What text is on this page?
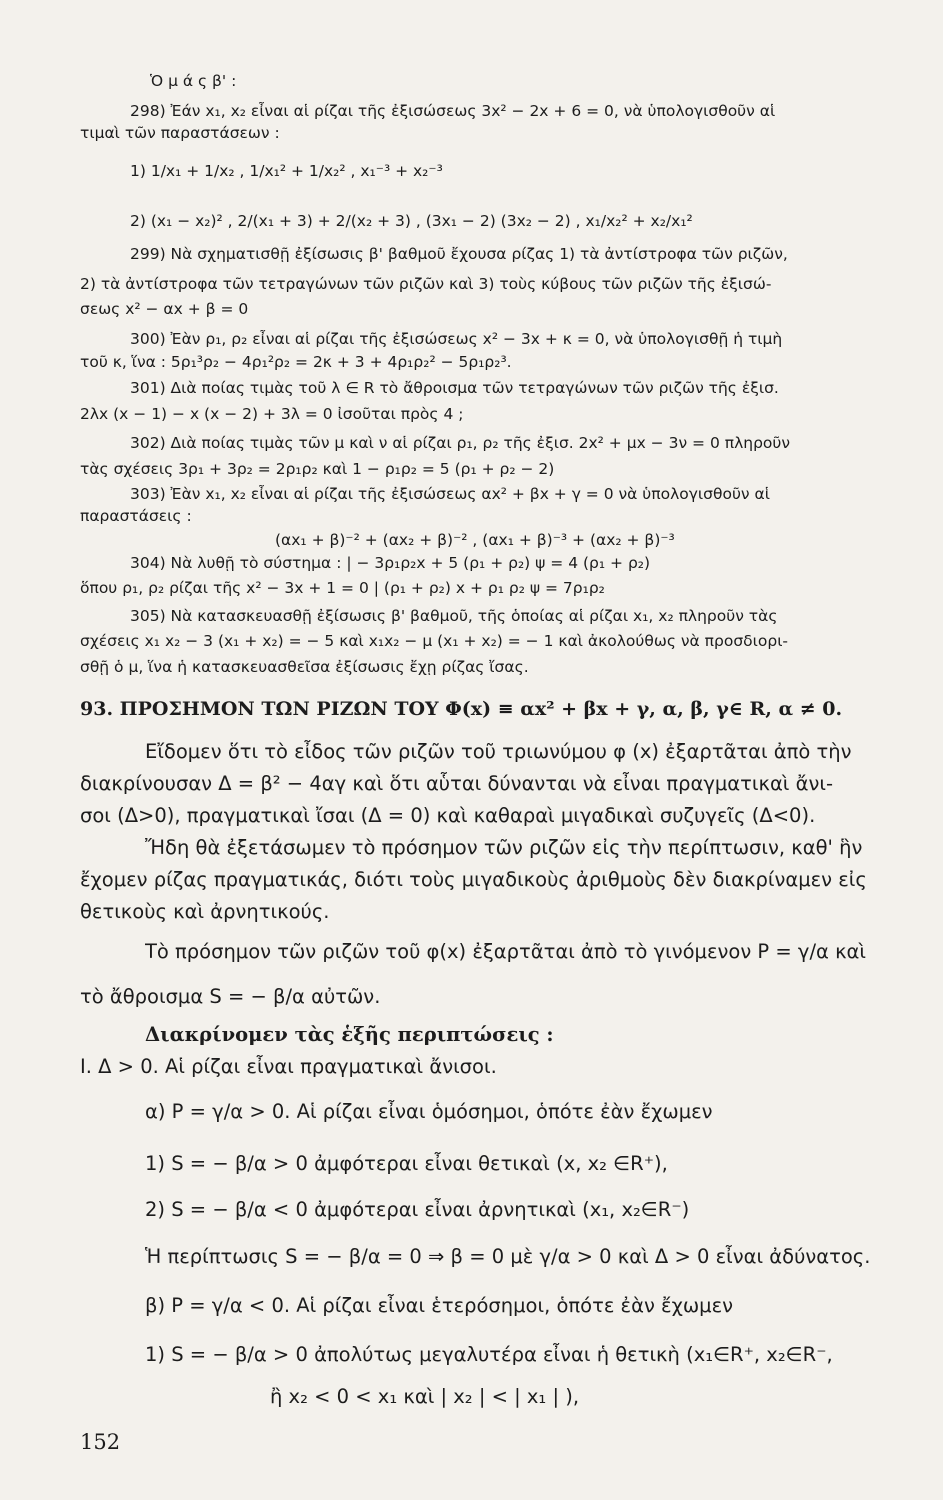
Ὁ μ ά ς β' :
298) Ἐάν x₁, x₂ εἶναι αἱ ρίζαι τῆς ἐξισώσεως 3x² − 2x + 6 = 0, νὰ ὑπολογισθοῦν αἱ
τιμαὶ τῶν παραστάσεων :
1) 1/x₁ + 1/x₂ , 1/x₁² + 1/x₂² , x₁⁻³ + x₂⁻³
2) (x₁ − x₂)² , 2/(x₁ + 3) + 2/(x₂ + 3) , (3x₁ − 2) (3x₂ − 2) , x₁/x₂² + x₂/x₁²
299) Νὰ σχηματισθῇ ἐξίσωσις β' βαθμοῦ ἔχουσα ρίζας 1) τὰ ἀντίστροφα τῶν ριζῶν,
2) τὰ ἀντίστροφα τῶν τετραγώνων τῶν ριζῶν καὶ 3) τοὺς κύβους τῶν ριζῶν τῆς ἐξισώ-
σεως x² − αx + β = 0
300) Ἐὰν ρ₁, ρ₂ εἶναι αἱ ρίζαι τῆς ἐξισώσεως x² − 3x + κ = 0, νὰ ὑπολογισθῇ ἡ τιμὴ
τοῦ κ, ἵνα : 5ρ₁³ρ₂ − 4ρ₁²ρ₂ = 2κ + 3 + 4ρ₁ρ₂² − 5ρ₁ρ₂³.
301) Διὰ ποίας τιμὰς τοῦ λ ∈ R τὸ ἄθροισμα τῶν τετραγώνων τῶν ριζῶν τῆς ἐξισ.
2λx (x − 1) − x (x − 2) + 3λ = 0 ἰσοῦται πρὸς 4 ;
302) Διὰ ποίας τιμὰς τῶν μ καὶ ν αἱ ρίζαι ρ₁, ρ₂ τῆς ἐξισ. 2x² + μx − 3ν = 0 πληροῦν
τὰς σχέσεις 3ρ₁ + 3ρ₂ = 2ρ₁ρ₂ καὶ 1 − ρ₁ρ₂ = 5 (ρ₁ + ρ₂ − 2)
303) Ἐὰν x₁, x₂ εἶναι αἱ ρίζαι τῆς ἐξισώσεως αx² + βx + γ = 0 νὰ ὑπολογισθοῦν αἱ
παραστάσεις :
(αx₁ + β)⁻² + (αx₂ + β)⁻² , (αx₁ + β)⁻³ + (αx₂ + β)⁻³
304) Νὰ λυθῇ τὸ σύστημα : | − 3ρ₁ρ₂x + 5 (ρ₁ + ρ₂) ψ = 4 (ρ₁ + ρ₂)
ὅπου ρ₁, ρ₂ ρίζαι τῆς x² − 3x + 1 = 0 | (ρ₁ + ρ₂) x + ρ₁ ρ₂ ψ = 7ρ₁ρ₂
305) Νὰ κατασκευασθῇ ἐξίσωσις β' βαθμοῦ, τῆς ὁποίας αἱ ρίζαι x₁, x₂ πληροῦν τὰς
σχέσεις x₁ x₂ − 3 (x₁ + x₂) = − 5 καὶ x₁x₂ − μ (x₁ + x₂) = − 1 καὶ ἀκολούθως νὰ προσδιορι-
σθῇ ὁ μ, ἵνα ἡ κατασκευασθεῖσα ἐξίσωσις ἔχῃ ρίζας ἴσας.
93. ΠΡΟΣΗΜΟΝ ΤΩΝ ΡΙΖΩΝ ΤΟΥ Φ(x) ≡ αx² + βx + γ, α, β, γ∈ R, α ≠ 0.
Εἴδομεν ὅτι τὸ εἶδος τῶν ριζῶν τοῦ τριωνύμου φ (x) ἐξαρτᾶται ἀπὸ τὴν
διακρίνουσαν Δ = β² − 4αγ καὶ ὅτι αὗται δύνανται νὰ εἶναι πραγματικαὶ ἄνι-
σοι (Δ>0), πραγματικαὶ ἴσαι (Δ = 0) καὶ καθαραὶ μιγαδικαὶ συζυγεῖς (Δ<0).
Ἤδη θὰ ἐξετάσωμεν τὸ πρόσημον τῶν ριζῶν εἰς τὴν περίπτωσιν, καθ' ἣν
ἔχομεν ρίζας πραγματικάς, διότι τοὺς μιγαδικοὺς ἀριθμοὺς δὲν διακρίναμεν εἰς
θετικοὺς καὶ ἀρνητικούς.
Τὸ πρόσημον τῶν ριζῶν τοῦ φ(x) ἐξαρτᾶται ἀπὸ τὸ γινόμενον P = γ/α καὶ
τὸ ἄθροισμα S = − β/α αὐτῶν.
Διακρίνομεν τὰς ἑξῆς περιπτώσεις :
I. Δ > 0. Αἱ ρίζαι εἶναι πραγματικαὶ ἄνισοι.
α) P = γ/α > 0. Αἱ ρίζαι εἶναι ὁμόσημοι, ὁπότε ἐὰν ἔχωμεν
1) S = − β/α > 0 ἀμφότεραι εἶναι θετικαὶ (x, x₂ ∈R⁺),
2) S = − β/α < 0 ἀμφότεραι εἶναι ἀρνητικαὶ (x₁, x₂∈R⁻)
Ἡ περίπτωσις S = − β/α = 0 ⇒ β = 0 μὲ γ/α > 0 καὶ Δ > 0 εἶναι ἀδύνατος.
β) P = γ/α < 0. Αἱ ρίζαι εἶναι ἑτερόσημοι, ὁπότε ἐὰν ἔχωμεν
1) S = − β/α > 0 ἀπολύτως μεγαλυτέρα εἶναι ἡ θετικὴ (x₁∈R⁺, x₂∈R⁻,
ἢ x₂ < 0 < x₁ καὶ | x₂ | < | x₁ | ),
152
